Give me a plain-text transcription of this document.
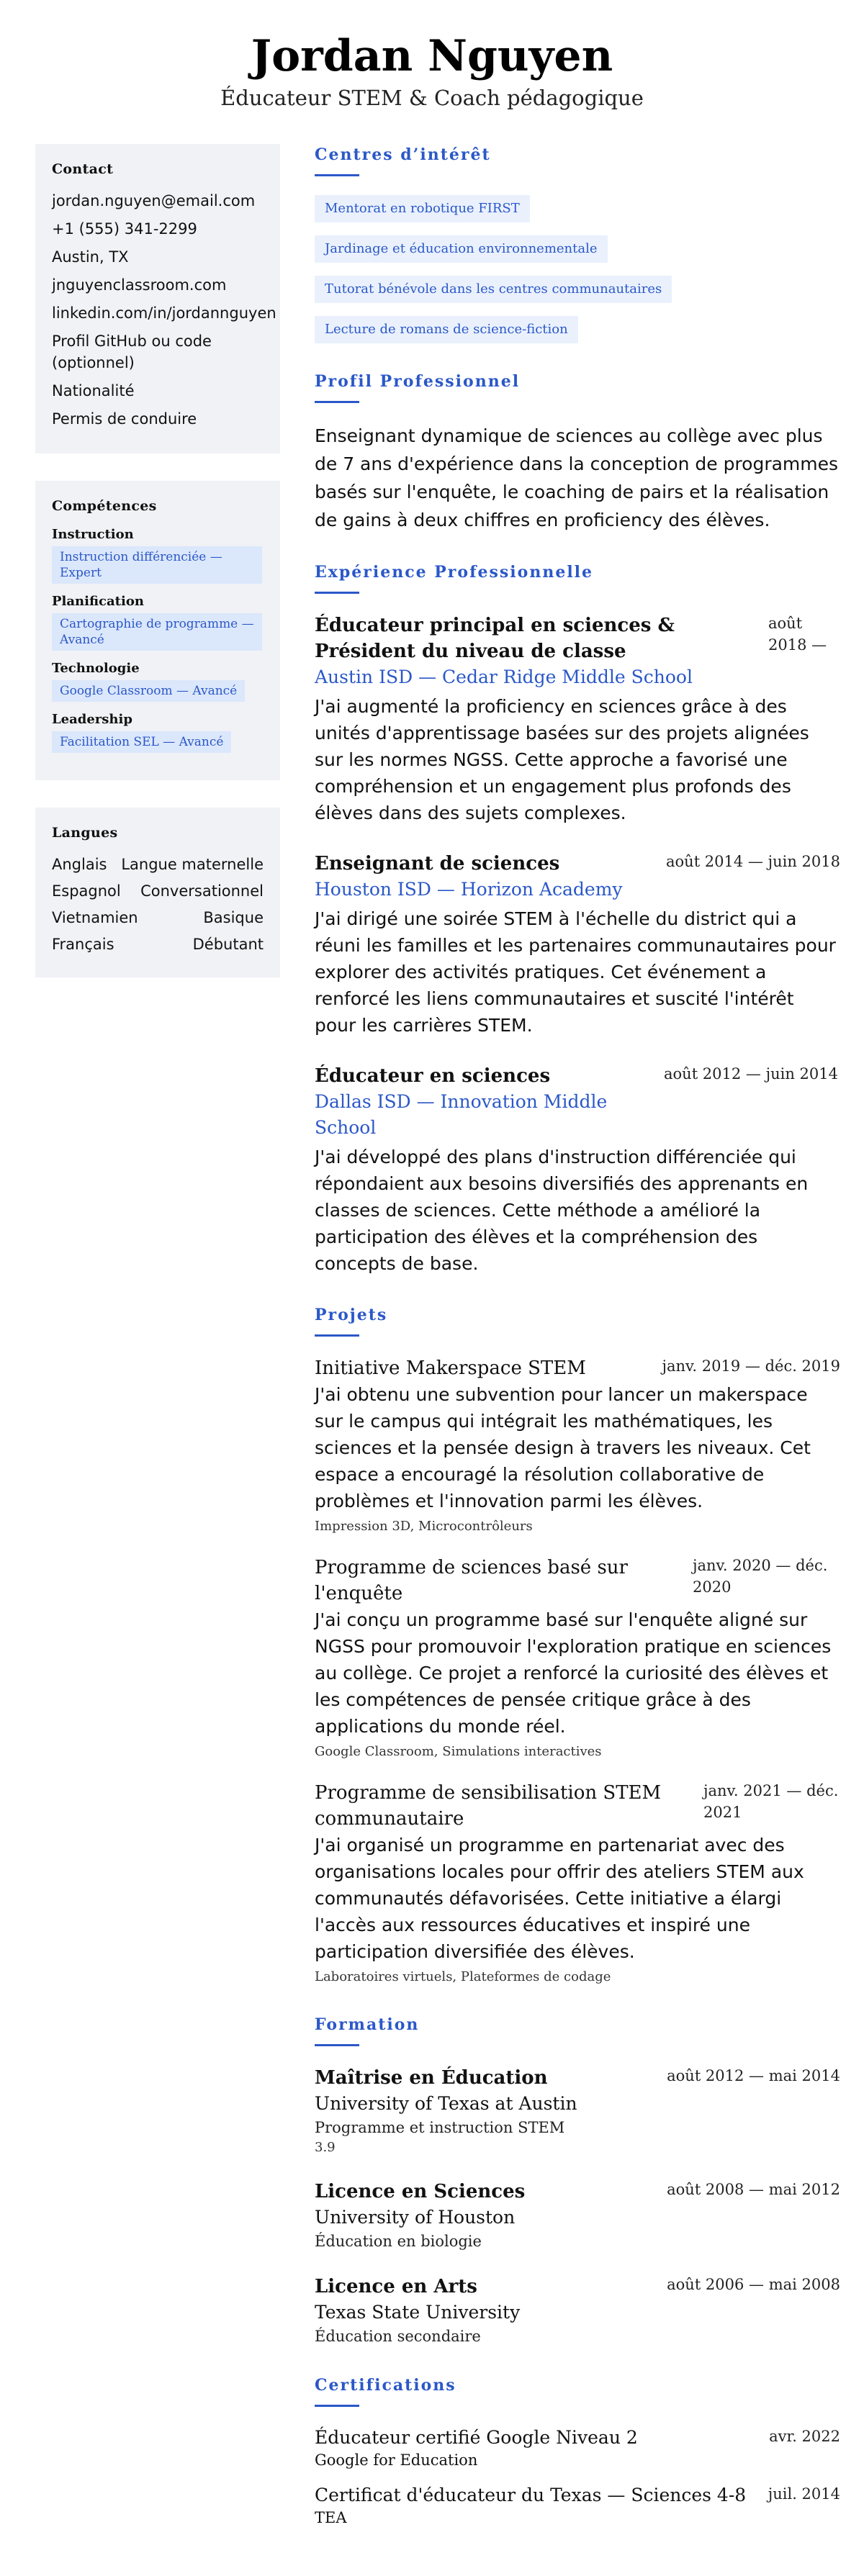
Jordan Nguyen

Éducateur STEM & Coach pédagogique

Contact
jordan.nguyen@email.com
+1 (555) 341-2299
Austin, TX
jnguyenclassroom.com
linkedin.com/in/jordannguyen
Profil GitHub ou code (optionnel)
Nationalité
Permis de conduire
Compétences

Instruction

Instruction différenciée — Expert

Planification

Cartographie de programme — Avancé

Technologie

Google Classroom — Avancé

Leadership

Facilitation SEL — Avancé
Langues
Anglais Langue maternelle
Espagnol Conversationnel
Vietnamien	Basique
Français	Débutant
Centres d’intérêt
Mentorat en robotique FIRST
Jardinage et éducation environnementale
Tutorat bénévole dans les centres communautaires
Lecture de romans de science-fiction
Profil Professionnel

Enseignant dynamique de sciences au collège avec plus de 7 ans d'expérience dans la conception de programmes basés sur l'enquête, le coaching de pairs et la réalisation de gains à deux chiffres en proficiency des élèves.

Expérience Professionnelle

Éducateur principal en sciences & Président du niveau de classe

août 2018 —

Austin ISD — Cedar Ridge Middle School

J'ai augmenté la proficiency en sciences grâce à des unités d'apprentissage basées sur des projets alignées sur les normes NGSS. Cette approche a favorisé une compréhension et un engagement plus profonds des élèves dans des sujets complexes.

Enseignant de sciences	août 2014 — juin 2018

Houston ISD — Horizon Academy

J'ai dirigé une soirée STEM à l'échelle du district qui a réuni les familles et les partenaires communautaires pour explorer des activités pratiques. Cet événement a renforcé les liens communautaires et suscité l'intérêt pour les carrières STEM.

Éducateur en sciences

Dallas ISD — Innovation Middle School

août 2012 — juin 2014

J'ai développé des plans d'instruction différenciée qui répondaient aux besoins diversifiés des apprenants en classes de sciences. Cette méthode a amélioré la participation des élèves et la compréhension des concepts de base.

Projets

Initiative Makerspace STEM	janv. 2019 — déc. 2019

J'ai obtenu une subvention pour lancer un makerspace sur le campus qui intégrait les mathématiques, les sciences et la pensée design à travers les niveaux. Cet espace a encouragé la résolution collaborative de problèmes et l'innovation parmi les élèves.

Impression 3D, Microcontrôleurs

Programme de sciences basé sur l'enquête

janv. 2020 — déc. 2020

J'ai conçu un programme basé sur l'enquête aligné sur NGSS pour promouvoir l'exploration pratique en sciences au collège. Ce projet a renforcé la curiosité des élèves et les compétences de pensée critique grâce à des applications du monde réel.

Google Classroom, Simulations interactives

Programme de sensibilisation STEM communautaire

janv. 2021 — déc. 2021

J'ai organisé un programme en partenariat avec des organisations locales pour offrir des ateliers STEM aux communautés défavorisées. Cette initiative a élargi l'accès aux ressources éducatives et inspiré une participation diversifiée des élèves.

Laboratoires virtuels, Plateformes de codage

Formation

Maîtrise en Éducation	août 2012 — mai 2014

University of Texas at Austin

Programme et instruction STEM

3.9

Licence en Sciences	août 2008 — mai 2012

University of Houston

Éducation en biologie

Licence en Arts	août 2006 — mai 2008

Texas State University

Éducation secondaire

Certifications

Éducateur certifié Google Niveau 2	avr. 2022

Google for Education

Certificat d'éducateur du Texas — Sciences 4-8 juil. 2014

TEA
